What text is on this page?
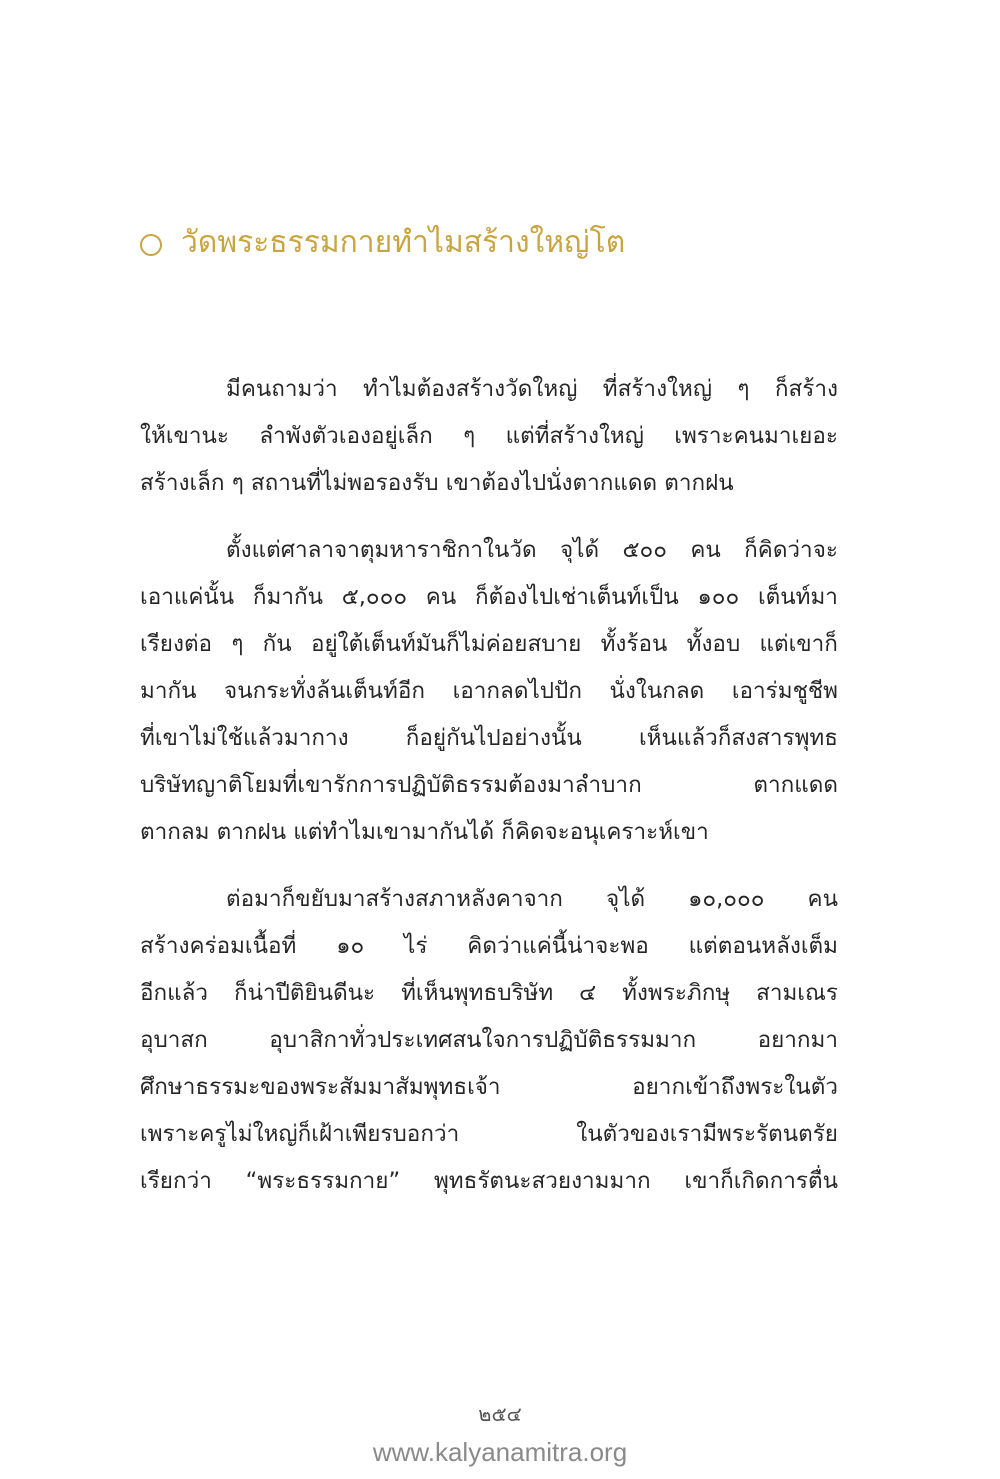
วัดพระธรรมกายทำไมสร้างใหญ่โต
มีคนถามว่า ทำไมต้องสร้างวัดใหญ่ ที่สร้างใหญ่ ๆ ก็สร้าง
ให้เขานะ ลำพังตัวเองอยู่เล็ก ๆ แต่ที่สร้างใหญ่ เพราะคนมาเยอะ
สร้างเล็ก ๆ สถานที่ไม่พอรองรับ เขาต้องไปนั่งตากแดด ตากฝน
ตั้งแต่ศาลาจาตุมหาราชิกาในวัด จุได้ ๕๐๐ คน ก็คิดว่าจะ
เอาแค่นั้น ก็มากัน ๕,๐๐๐ คน ก็ต้องไปเช่าเต็นท์เป็น ๑๐๐ เต็นท์มา
เรียงต่อ ๆ กัน อยู่ใต้เต็นท์มันก็ไม่ค่อยสบาย ทั้งร้อน ทั้งอบ แต่เขาก็
มากัน จนกระทั่งล้นเต็นท์อีก เอากลดไปปัก นั่งในกลด เอาร่มชูชีพ
ที่เขาไม่ใช้แล้วมากาง	ก็อยู่กันไปอย่างนั้น	เห็นแล้วก็สงสารพุทธ
บริษัทญาติโยมที่เขารักการปฏิบัติธรรมต้องมาลำบาก	ตากแดด
ตากลม ตากฝน แต่ทำไมเขามากันได้ ก็คิดจะอนุเคราะห์เขา
ต่อมาก็ขยับมาสร้างสภาหลังคาจาก จุได้ ๑๐,๐๐๐ คน
สร้างคร่อมเนื้อที่ ๑๐ ไร่ คิดว่าแค่นี้น่าจะพอ แต่ตอนหลังเต็ม
อีกแล้ว ก็น่าปีติยินดีนะ ที่เห็นพุทธบริษัท ๔ ทั้งพระภิกษุ สามเณร
อุบาสก	อุบาสิกาทั่วประเทศสนใจการปฏิบัติธรรมมาก	อยากมา
ศึกษาธรรมะของพระสัมมาสัมพุทธเจ้า	อยากเข้าถึงพระในตัว
เพราะครูไม่ใหญ่ก็เฝ้าเพียรบอกว่า	ในตัวของเรามีพระรัตนตรัย
เรียกว่า “พระธรรมกาย” พุทธรัตนะสวยงามมาก เขาก็เกิดการตื่น
๒๕๔
www.kalyanamitra.org
